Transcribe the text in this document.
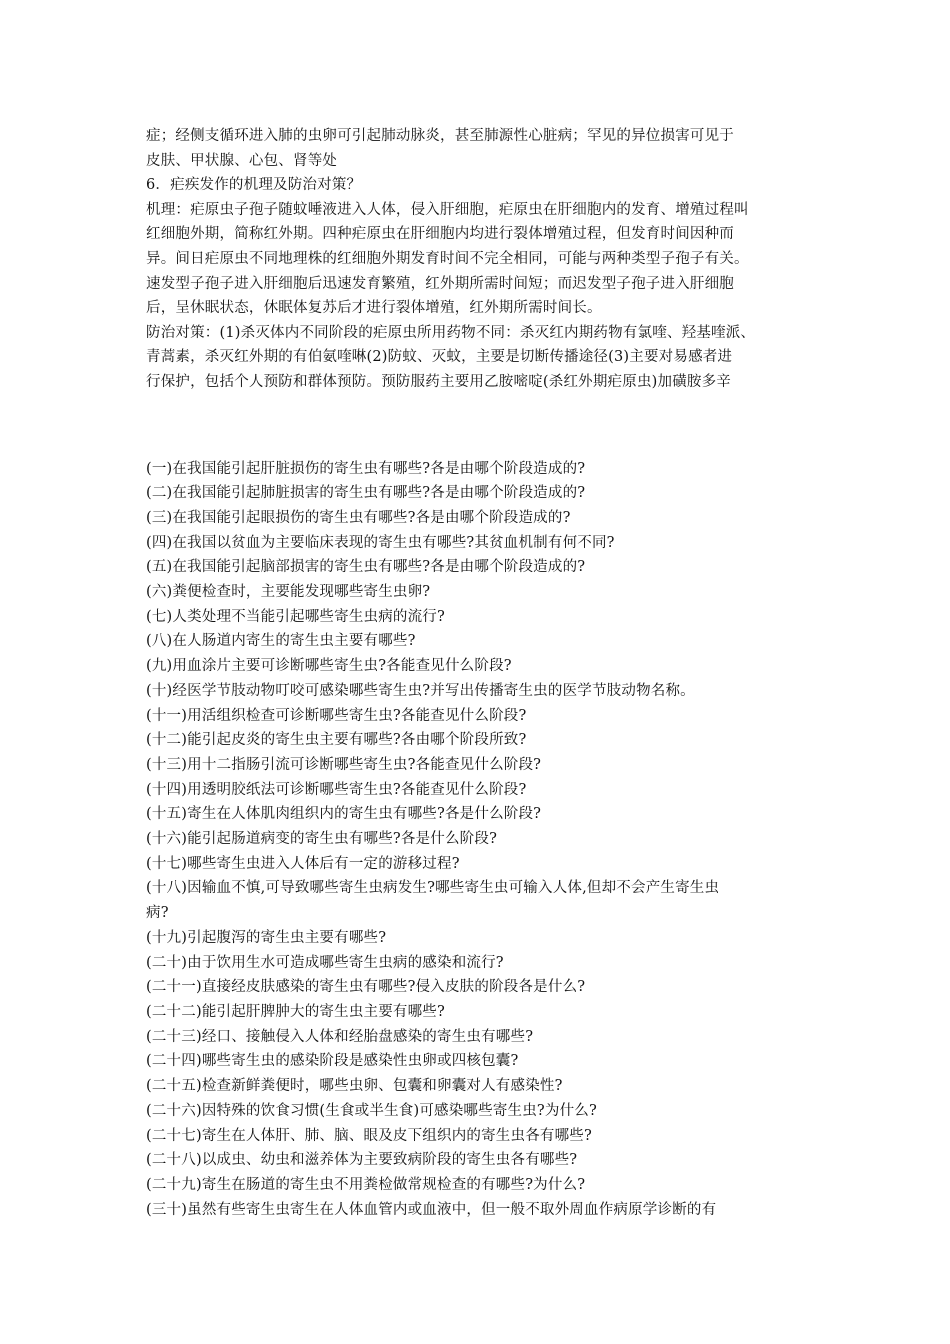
症；经侧支循环进入肺的虫卵可引起肺动脉炎，甚至肺源性心脏病；罕见的异位损害可见于
皮肤、甲状腺、心包、肾等处
6．疟疾发作的机理及防治对策？
机理：疟原虫子孢子随蚊唾液进入人体，侵入肝细胞，疟原虫在肝细胞内的发育、增殖过程叫
红细胞外期，简称红外期。四种疟原虫在肝细胞内均进行裂体增殖过程，但发育时间因种而
异。间日疟原虫不同地理株的红细胞外期发育时间不完全相同，可能与两种类型子孢子有关。
速发型子孢子进入肝细胞后迅速发育繁殖，红外期所需时间短；而迟发型子孢子进入肝细胞
后，呈休眠状态，休眠体复苏后才进行裂体增殖，红外期所需时间长。
防治对策：(1)杀灭体内不同阶段的疟原虫所用药物不同：杀灭红内期药物有氯喹、羟基喹派、
青蒿素，杀灭红外期的有伯氨喹啉(2)防蚊、灭蚊，主要是切断传播途径(3)主要对易感者进
行保护，包括个人预防和群体预防。预防服药主要用乙胺嘧啶(杀红外期疟原虫)加磺胺多辛
(一)在我国能引起肝脏损伤的寄生虫有哪些?各是由哪个阶段造成的?
(二)在我国能引起肺脏损害的寄生虫有哪些?各是由哪个阶段造成的?
(三)在我国能引起眼损伤的寄生虫有哪些?各是由哪个阶段造成的?
(四)在我国以贫血为主要临床表现的寄生虫有哪些?其贫血机制有何不同?
(五)在我国能引起脑部损害的寄生虫有哪些?各是由哪个阶段造成的?
(六)粪便检查时，主要能发现哪些寄生虫卵?
(七)人类处理不当能引起哪些寄生虫病的流行?
(八)在人肠道内寄生的寄生虫主要有哪些?
(九)用血涂片主要可诊断哪些寄生虫?各能查见什么阶段?
(十)经医学节肢动物叮咬可感染哪些寄生虫?并写出传播寄生虫的医学节肢动物名称。
(十一)用活组织检查可诊断哪些寄生虫?各能查见什么阶段?
(十二)能引起皮炎的寄生虫主要有哪些?各由哪个阶段所致?
(十三)用十二指肠引流可诊断哪些寄生虫?各能查见什么阶段?
(十四)用透明胶纸法可诊断哪些寄生虫?各能查见什么阶段?
(十五)寄生在人体肌肉组织内的寄生虫有哪些?各是什么阶段?
(十六)能引起肠道病变的寄生虫有哪些?各是什么阶段?
(十七)哪些寄生虫进入人体后有一定的游移过程?
(十八)因输血不慎,可导致哪些寄生虫病发生?哪些寄生虫可输入人体,但却不会产生寄生虫
病?
(十九)引起腹泻的寄生虫主要有哪些?
(二十)由于饮用生水可造成哪些寄生虫病的感染和流行?
(二十一)直接经皮肤感染的寄生虫有哪些?侵入皮肤的阶段各是什么?
(二十二)能引起肝脾肿大的寄生虫主要有哪些?
(二十三)经口、接触侵入人体和经胎盘感染的寄生虫有哪些?
(二十四)哪些寄生虫的感染阶段是感染性虫卵或四核包囊?
(二十五)检查新鲜粪便时，哪些虫卵、包囊和卵囊对人有感染性?
(二十六)因特殊的饮食习惯(生食或半生食)可感染哪些寄生虫?为什么?
(二十七)寄生在人体肝、肺、脑、眼及皮下组织内的寄生虫各有哪些?
(二十八)以成虫、幼虫和滋养体为主要致病阶段的寄生虫各有哪些?
(二十九)寄生在肠道的寄生虫不用粪检做常规检查的有哪些?为什么?
(三十)虽然有些寄生虫寄生在人体血管内或血液中，但一般不取外周血作病原学诊断的有
